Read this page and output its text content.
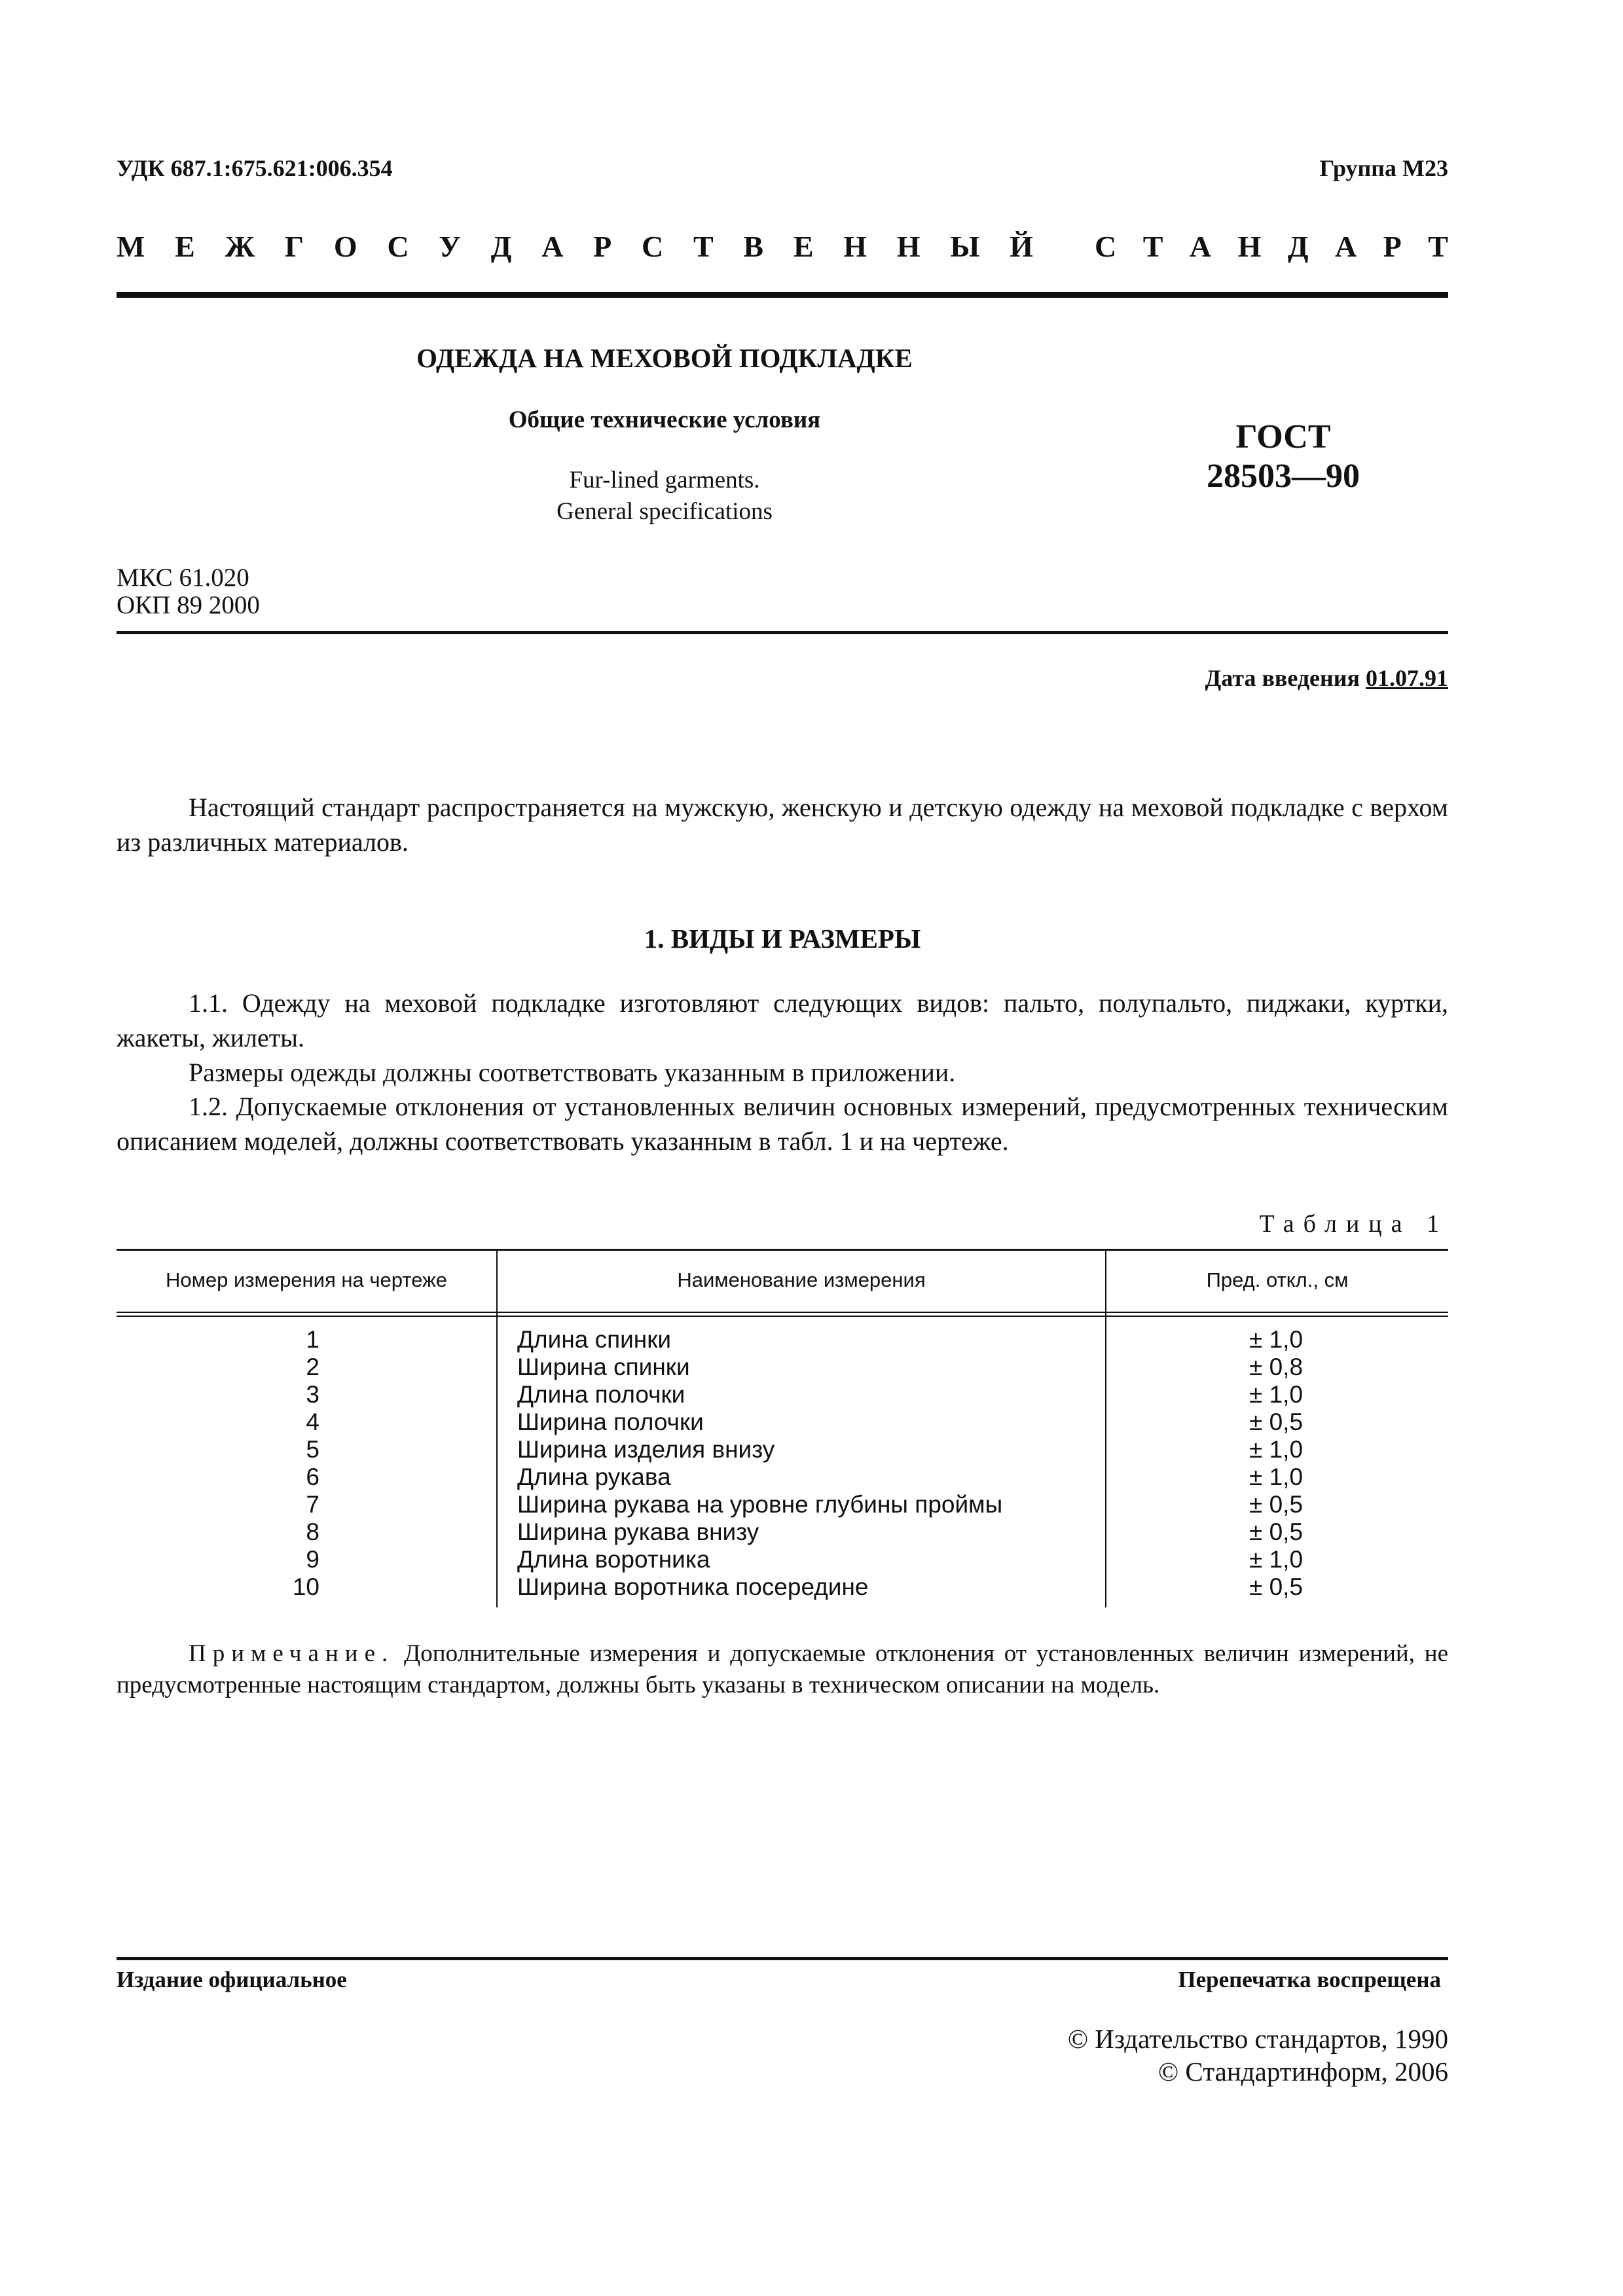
УДК 687.1:675.621:006.354	Группа М23
М Е Ж Г О С У Д А Р С Т В Е Н Н Ы Й С Т А Н Д А Р Т
ОДЕЖДА НА МЕХОВОЙ ПОДКЛАДКЕ
Общие технические условия
Fur-lined garments.
General specifications
ГОСТ
28503—90
МКС 61.020
ОКП 89 2000
Дата введения 01.07.91
Настоящий стандарт распространяется на мужскую, женскую и детскую одежду на меховой подкладке с верхом из различных материалов.
1. ВИДЫ И РАЗМЕРЫ
1.1. Одежду на меховой подкладке изготовляют следующих видов: пальто, полупальто, пиджаки, куртки, жакеты, жилеты.
Размеры одежды должны соответствовать указанным в приложении.
1.2. Допускаемые отклонения от установленных величин основных измерений, предусмотренных техническим описанием моделей, должны соответствовать указанным в табл. 1 и на чертеже.
Таблица 1
Номер измерения на чертеже	Наименование измерения	Пред. откл., см
1	Длина спинки	± 1,0
2	Ширина спинки	± 0,8
3	Длина полочки	± 1,0
4	Ширина полочки	± 0,5
5	Ширина изделия внизу	± 1,0
6	Длина рукава	± 1,0
7	Ширина рукава на уровне глубины проймы	± 0,5
8	Ширина рукава внизу	± 0,5
9	Длина воротника	± 1,0
10	Ширина воротника посередине	± 0,5
Примечание. Дополнительные измерения и допускаемые отклонения от установленных величин измерений, не предусмотренные настоящим стандартом, должны быть указаны в техническом описании на модель.
Издание официальное	Перепечатка воспрещена
© Издательство стандартов, 1990
© Стандартинформ, 2006
